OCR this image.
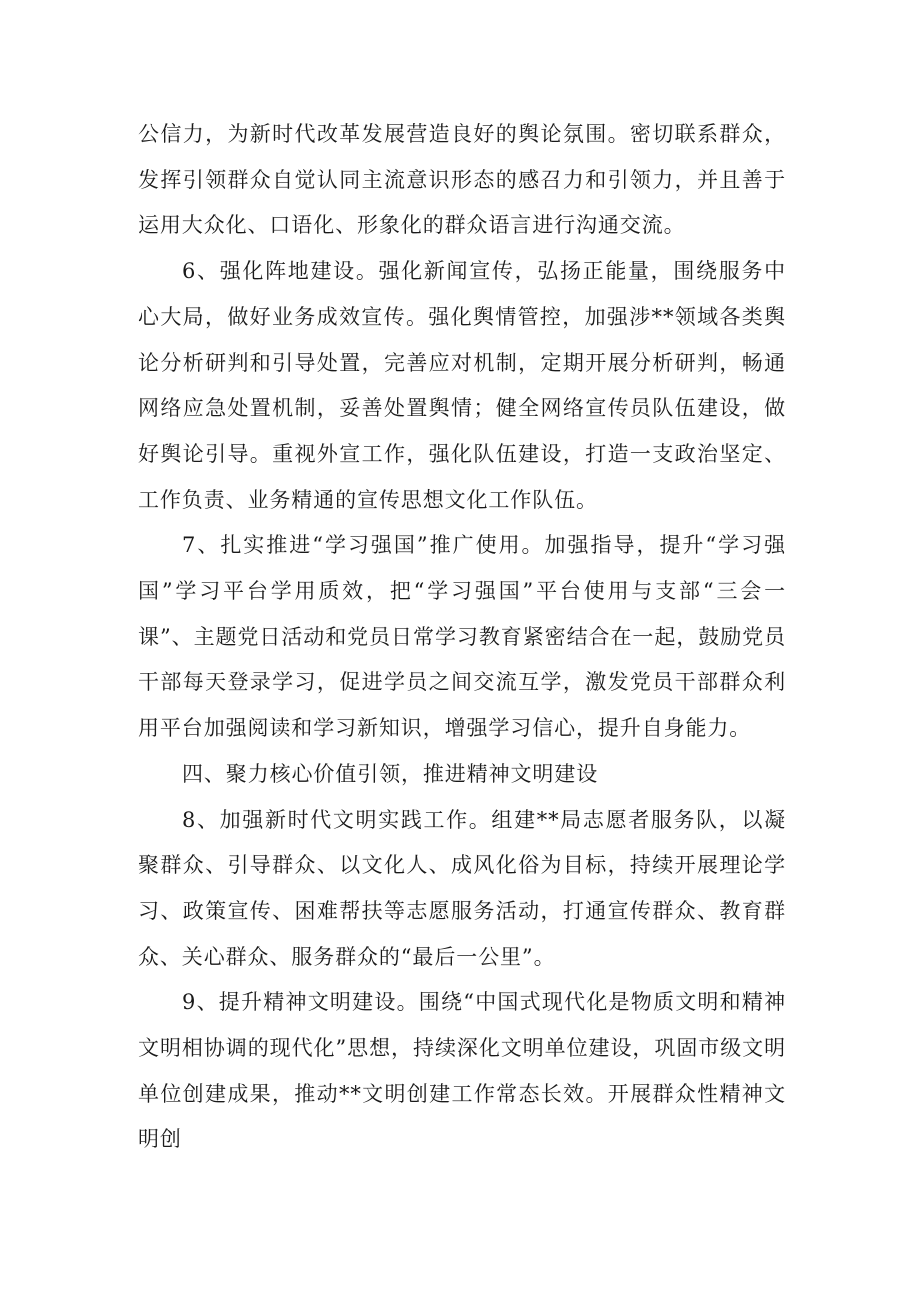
公信力，为新时代改革发展营造良好的舆论氛围。密切联系群众，发挥引领群众自觉认同主流意识形态的感召力和引领力，并且善于运用大众化、口语化、形象化的群众语言进行沟通交流。

6、强化阵地建设。强化新闻宣传，弘扬正能量，围绕服务中心大局，做好业务成效宣传。强化舆情管控，加强涉**领域各类舆论分析研判和引导处置，完善应对机制，定期开展分析研判，畅通网络应急处置机制，妥善处置舆情；健全网络宣传员队伍建设，做好舆论引导。重视外宣工作，强化队伍建设，打造一支政治坚定、工作负责、业务精通的宣传思想文化工作队伍。

7、扎实推进“学习强国”推广使用。加强指导，提升“学习强国”学习平台学用质效，把“学习强国”平台使用与支部“三会一课”、主题党日活动和党员日常学习教育紧密结合在一起，鼓励党员干部每天登录学习，促进学员之间交流互学，激发党员干部群众利用平台加强阅读和学习新知识，增强学习信心，提升自身能力。

四、聚力核心价值引领，推进精神文明建设

8、加强新时代文明实践工作。组建**局志愿者服务队，以凝聚群众、引导群众、以文化人、成风化俗为目标，持续开展理论学习、政策宣传、困难帮扶等志愿服务活动，打通宣传群众、教育群众、关心群众、服务群众的“最后一公里”。

9、提升精神文明建设。围绕“中国式现代化是物质文明和精神文明相协调的现代化”思想，持续深化文明单位建设，巩固市级文明单位创建成果，推动**文明创建工作常态长效。开展群众性精神文明创
